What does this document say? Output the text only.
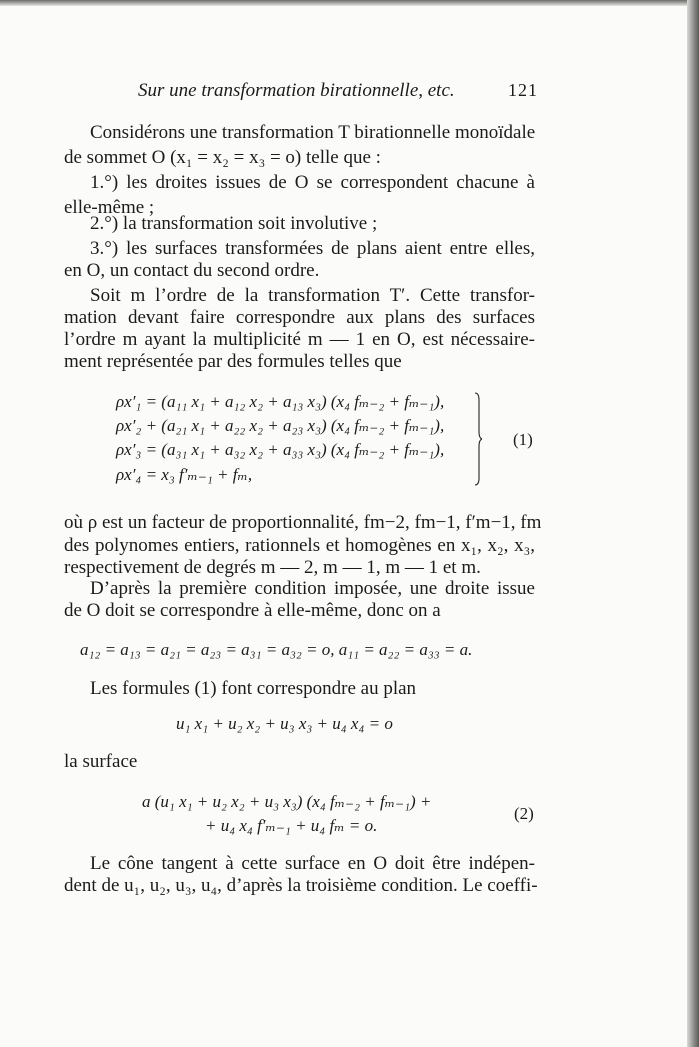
Sur une transformation birationnelle, etc.	121
Considérons une transformation T birationnelle monoïdale
de sommet O (x₁ = x₂ = x₃ = o) telle que :
1.°) les droites issues de O se correspondent chacune à
elle-même ;
2.°) la transformation soit involutive ;
3.°) les surfaces transformées de plans aient entre elles,
en O, un contact du second ordre.
Soit m l’ordre de la transformation T′. Cette transfor-
mation devant faire correspondre aux plans des surfaces
l’ordre m ayant la multiplicité m — 1 en O, est nécessaire-
ment représentée par des formules telles que
ρx′₁ = (a₁₁ x₁ + a₁₂ x₂ + a₁₃ x₃) (x₄ fₘ₋₂ + fₘ₋₁),
ρx′₂ + (a₂₁ x₁ + a₂₂ x₂ + a₂₃ x₃) (x₄ fₘ₋₂ + fₘ₋₁),
ρx′₃ = (a₃₁ x₁ + a₃₂ x₂ + a₃₃ x₃) (x₄ fₘ₋₂ + fₘ₋₁),
ρx′₄ = x₃ f′ₘ₋₁ + fₘ,
(1)
où ρ est un facteur de proportionnalité, fm−2, fm−1, f′m−1, fm
des polynomes entiers, rationnels et homogènes en x₁, x₂, x₃,
respectivement de degrés m — 2, m — 1, m — 1 et m.
D’après la première condition imposée, une droite issue
de O doit se correspondre à elle-même, donc on a
a₁₂ = a₁₃ = a₂₁ = a₂₃ = a₃₁ = a₃₂ = o, a₁₁ = a₂₂ = a₃₃ = a.
Les formules (1) font correspondre au plan
u₁ x₁ + u₂ x₂ + u₃ x₃ + u₄ x₄ = o
la surface
a (u₁ x₁ + u₂ x₂ + u₃ x₃) (x₄ fₘ₋₂ + fₘ₋₁) +
+ u₄ x₄ f′ₘ₋₁ + u₄ fₘ = o.
(2)
Le cône tangent à cette surface en O doit être indépen-
dent de u₁, u₂, u₃, u₄, d’après la troisième condition. Le coeffi-
